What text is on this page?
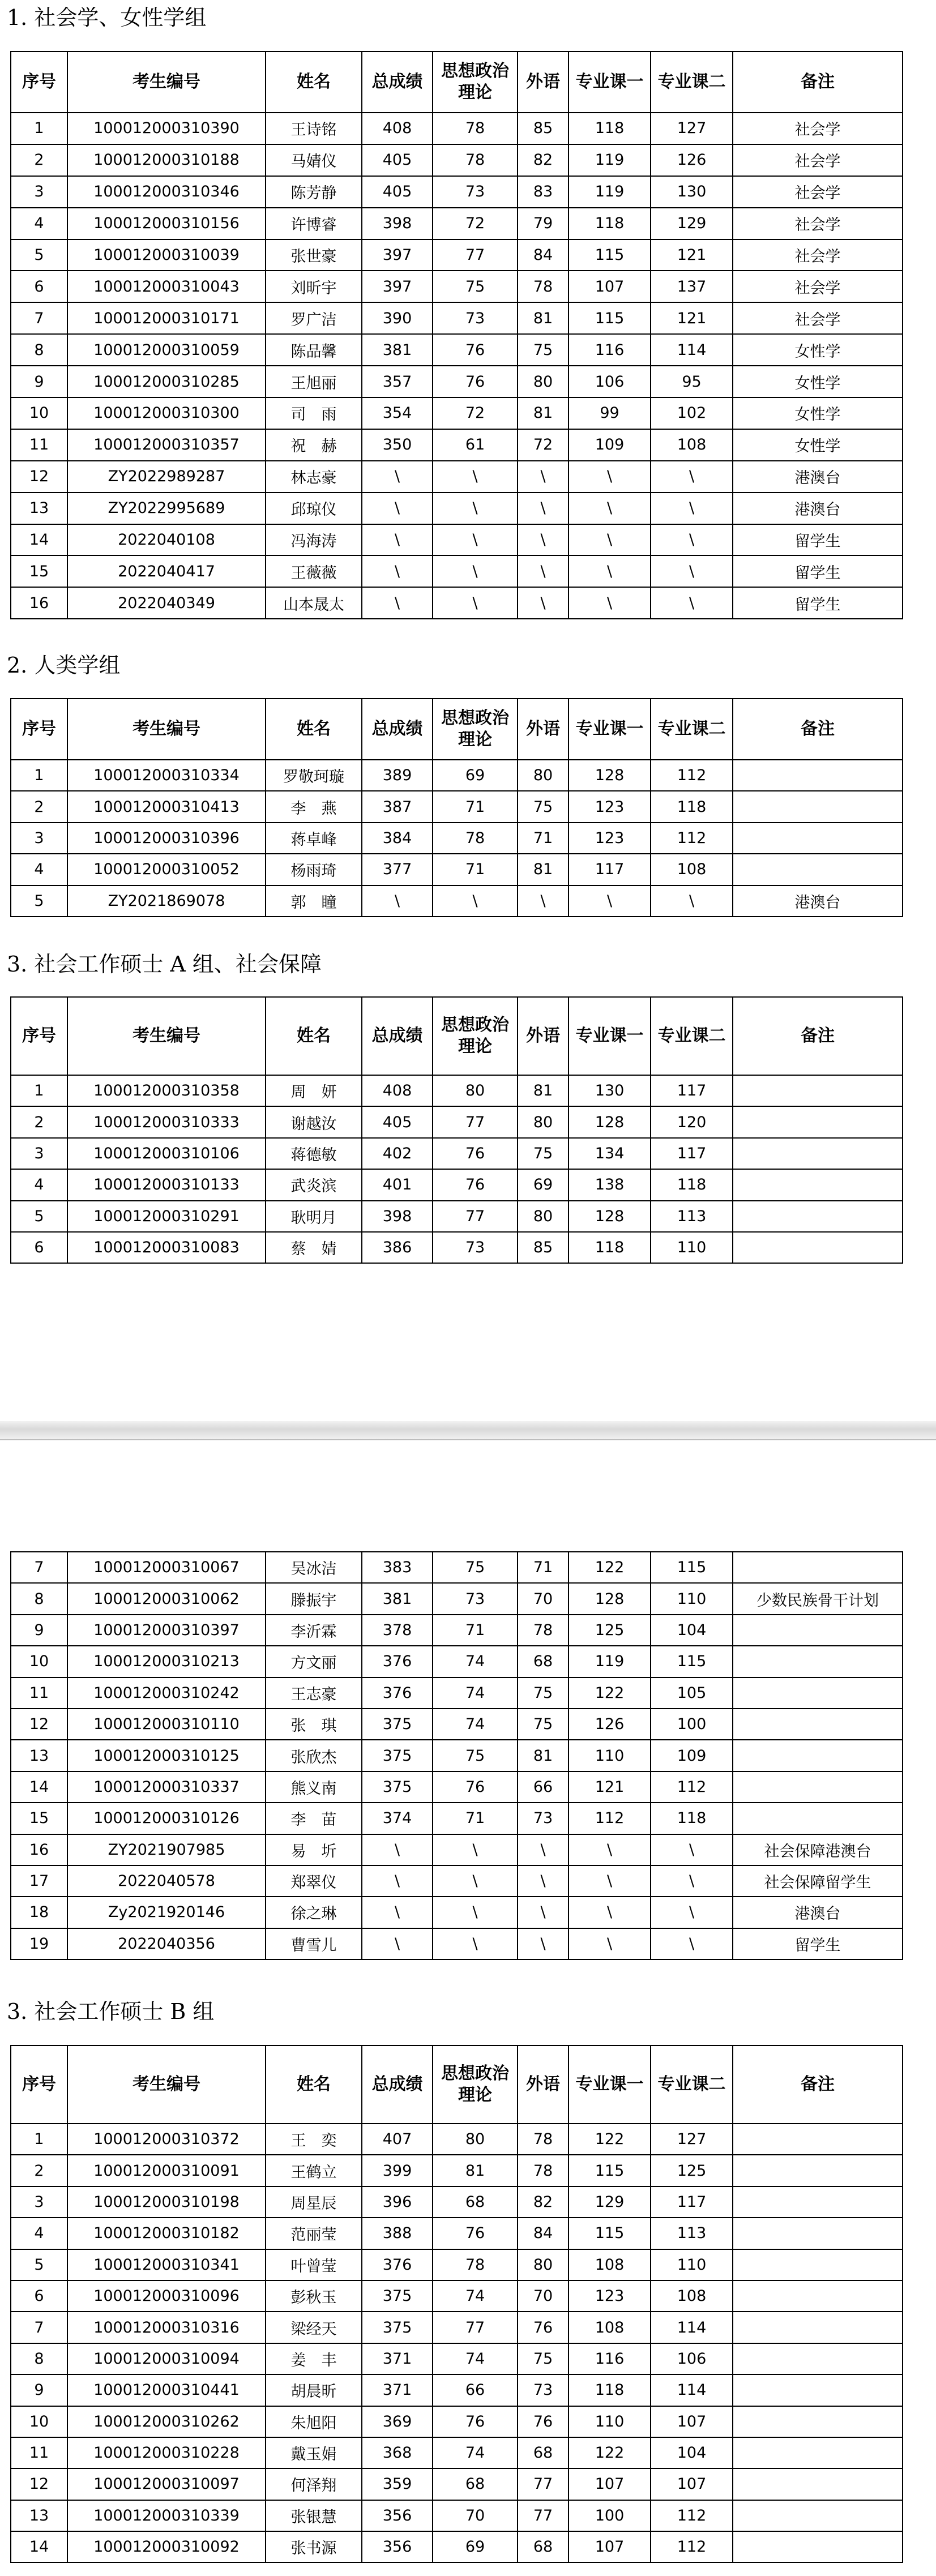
1. 社会学、女性学组
序号	考生编号	姓名	总成绩	思想政治理论	外语	专业课一	专业课二	备注
1	100012000310390	王诗铭	408	78	85	118	127	社会学
2	100012000310188	马婧仪	405	78	82	119	126	社会学
3	100012000310346	陈芳静	405	73	83	119	130	社会学
4	100012000310156	许博睿	398	72	79	118	129	社会学
5	100012000310039	张世豪	397	77	84	115	121	社会学
6	100012000310043	刘昕宇	397	75	78	107	137	社会学
7	100012000310171	罗广洁	390	73	81	115	121	社会学
8	100012000310059	陈品馨	381	76	75	116	114	女性学
9	100012000310285	王旭丽	357	76	80	106	95	女性学
10	100012000310300	司　雨	354	72	81	99	102	女性学
11	100012000310357	祝　赫	350	61	72	109	108	女性学
12	ZY2022989287	林志豪	\	\	\	\	\	港澳台
13	ZY2022995689	邱琼仪	\	\	\	\	\	港澳台
14	2022040108	冯海涛	\	\	\	\	\	留学生
15	2022040417	王薇薇	\	\	\	\	\	留学生
16	2022040349	山本晟太	\	\	\	\	\	留学生
2. 人类学组
序号	考生编号	姓名	总成绩	思想政治理论	外语	专业课一	专业课二	备注
1	100012000310334	罗敬珂璇	389	69	80	128	112	
2	100012000310413	李　燕	387	71	75	123	118	
3	100012000310396	蒋卓峰	384	78	71	123	112	
4	100012000310052	杨雨琦	377	71	81	117	108	
5	ZY2021869078	郭　瞳	\	\	\	\	\	港澳台
3. 社会工作硕士 A 组、社会保障
序号	考生编号	姓名	总成绩	思想政治理论	外语	专业课一	专业课二	备注
1	100012000310358	周　妍	408	80	81	130	117	
2	100012000310333	谢越汝	405	77	80	128	120	
3	100012000310106	蒋德敏	402	76	75	134	117	
4	100012000310133	武炎滨	401	76	69	138	118	
5	100012000310291	耿明月	398	77	80	128	113	
6	100012000310083	蔡　婧	386	73	85	118	110	
7	100012000310067	吴冰洁	383	75	71	122	115	
8	100012000310062	滕振宇	381	73	70	128	110	少数民族骨干计划
9	100012000310397	李沂霖	378	71	78	125	104	
10	100012000310213	方文丽	376	74	68	119	115	
11	100012000310242	王志豪	376	74	75	122	105	
12	100012000310110	张　琪	375	74	75	126	100	
13	100012000310125	张欣杰	375	75	81	110	109	
14	100012000310337	熊义南	375	76	66	121	112	
15	100012000310126	李　苗	374	71	73	112	118	
16	ZY2021907985	易　圻	\	\	\	\	\	社会保障港澳台
17	2022040578	郑翠仪	\	\	\	\	\	社会保障留学生
18	Zy2021920146	徐之琳	\	\	\	\	\	港澳台
19	2022040356	曹雪儿	\	\	\	\	\	留学生
3. 社会工作硕士 B 组
序号	考生编号	姓名	总成绩	思想政治理论	外语	专业课一	专业课二	备注
1	100012000310372	王　奕	407	80	78	122	127	
2	100012000310091	王鹤立	399	81	78	115	125	
3	100012000310198	周星辰	396	68	82	129	117	
4	100012000310182	范丽莹	388	76	84	115	113	
5	100012000310341	叶曾莹	376	78	80	108	110	
6	100012000310096	彭秋玉	375	74	70	123	108	
7	100012000310316	梁经天	375	77	76	108	114	
8	100012000310094	姜　丰	371	74	75	116	106	
9	100012000310441	胡晨昕	371	66	73	118	114	
10	100012000310262	朱旭阳	369	76	76	110	107	
11	100012000310228	戴玉娟	368	74	68	122	104	
12	100012000310097	何泽翔	359	68	77	107	107	
13	100012000310339	张银慧	356	70	77	100	112	
14	100012000310092	张书源	356	69	68	107	112	
